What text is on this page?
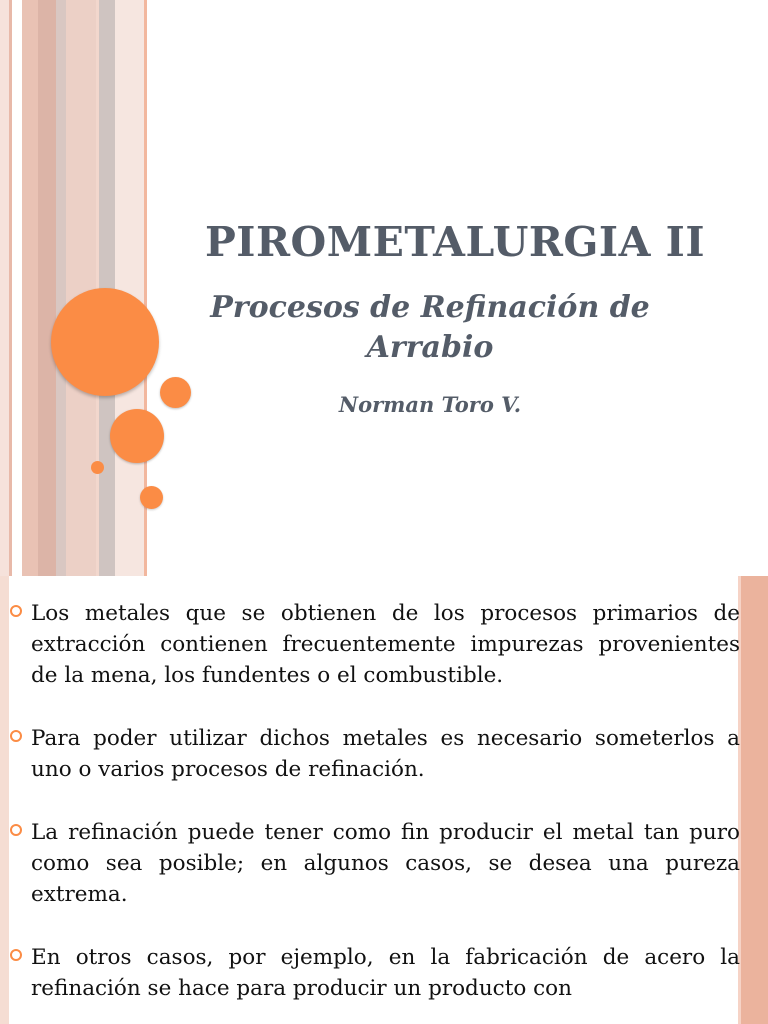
PIROMETALURGIA II
Procesos de Refinación de Arrabio
Norman Toro V.
Los metales que se obtienen de los procesos primarios de extracción contienen frecuentemente impurezas provenientes de la mena, los fundentes o el combustible.
Para poder utilizar dichos metales es necesario someterlos a uno o varios procesos de refinación.
La refinación puede tener como fin producir el metal tan puro como sea posible; en algunos casos, se desea una pureza extrema.
En otros casos, por ejemplo, en la fabricación de acero la refinación se hace para producir un producto con
